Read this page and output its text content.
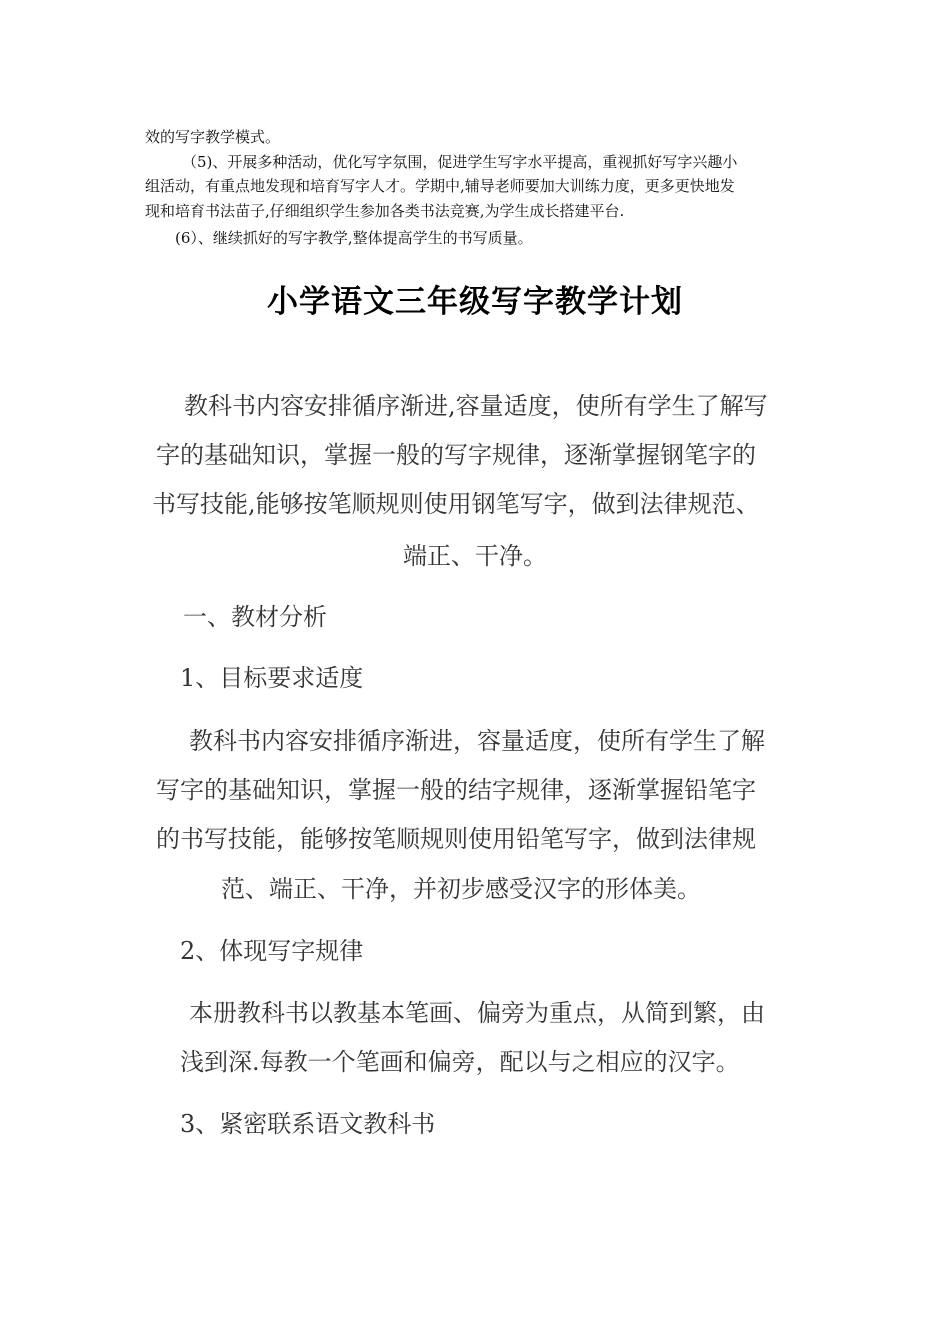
效的写字教学模式。
（5)、开展多种活动，优化写字氛围，促进学生写字水平提高，重视抓好写字兴趣小
组活动，有重点地发现和培育写字人才。学期中,辅导老师要加大训练力度，更多更快地发
现和培育书法苗子,仔细组织学生参加各类书法竞赛,为学生成长搭建平台.
(6）、继续抓好的写字教学,整体提高学生的书写质量。
小学语文三年级写字教学计划
教科书内容安排循序渐进,容量适度，使所有学生了解写
字的基础知识，掌握一般的写字规律，逐渐掌握钢笔字的
书写技能,能够按笔顺规则使用钢笔写字，做到法律规范、
端正、干净。
一、教材分析
1、目标要求适度
教科书内容安排循序渐进，容量适度，使所有学生了解
写字的基础知识，掌握一般的结字规律，逐渐掌握铅笔字
的书写技能，能够按笔顺规则使用铅笔写字，做到法律规
范、端正、干净，并初步感受汉字的形体美。
2、体现写字规律
本册教科书以教基本笔画、偏旁为重点，从简到繁，由
浅到深.每教一个笔画和偏旁，配以与之相应的汉字。
3、紧密联系语文教科书
